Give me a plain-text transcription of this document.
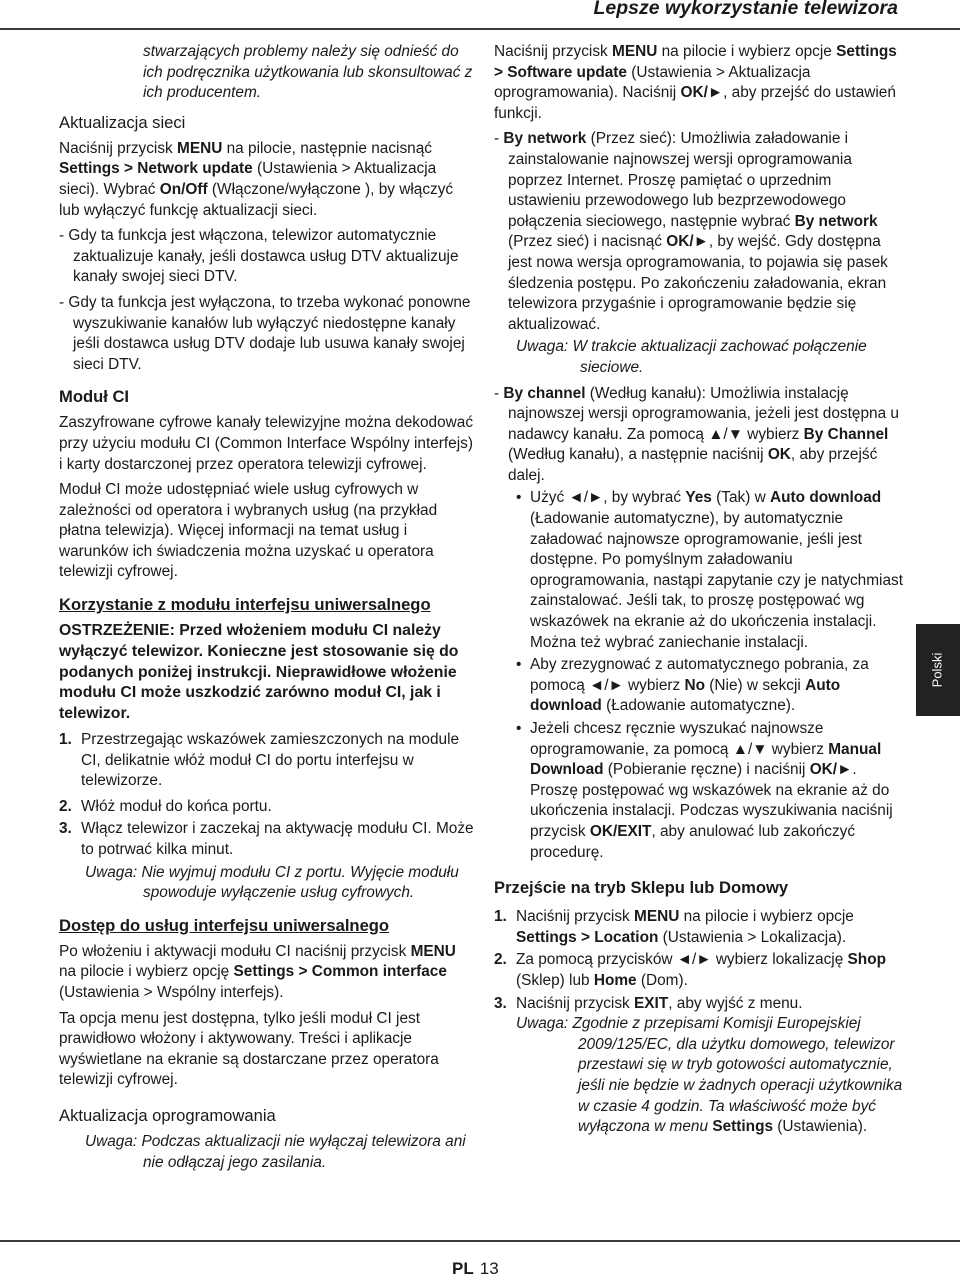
Lepsze wykorzystanie telewizora

stwarzających problemy należy się odnieść do ich podręcznika użytkowania lub skonsultować z ich producentem.

Aktualizacja sieci

Naciśnij przycisk MENU na pilocie, następnie nacisnąć Settings > Network update (Ustawienia > Aktualizacja sieci). Wybrać On/Off (Włączone/wyłączone ), by włączyć lub wyłączyć funkcję aktualizacji sieci.

- Gdy ta funkcja jest włączona, telewizor automatycznie zaktualizuje kanały, jeśli dostawca usług DTV aktualizuje kanały swojej sieci DTV.

- Gdy ta funkcja jest wyłączona, to trzeba wykonać ponowne wyszukiwanie kanałów lub wyłączyć niedostępne kanały jeśli dostawca usług DTV dodaje lub usuwa kanały swojej sieci DTV.

Moduł CI

Zaszyfrowane cyfrowe kanały telewizyjne można dekodować przy użyciu modułu CI (Common Interface Wspólny interfejs) i karty dostarczonej przez operatora telewizji cyfrowej.

Moduł CI może udostępniać wiele usług cyfrowych w zależności od operatora i wybranych usług (na przykład płatna telewizja). Więcej informacji na temat usług i warunków ich świadczenia można uzyskać u operatora telewizji cyfrowej.

Korzystanie z modułu interfejsu uniwersalnego

OSTRZEŻENIE: Przed włożeniem modułu CI należy wyłączyć telewizor. Konieczne jest stosowanie się do podanych poniżej instrukcji. Nieprawidłowe włożenie modułu CI może uszkodzić zarówno moduł CI, jak i telewizor.

1. Przestrzegając wskazówek zamieszczonych na module CI, delikatnie włóż moduł CI do portu interfejsu w telewizorze.

2. Włóż moduł do końca portu.

3. Włącz telewizor i zaczekaj na aktywację modułu CI. Może to potrwać kilka minut.

Uwaga: Nie wyjmuj modułu CI z portu. Wyjęcie modułu spowoduje wyłączenie usług cyfrowych.

Dostęp do usług interfejsu uniwersalnego

Po włożeniu i aktywacji modułu CI naciśnij przycisk MENU na pilocie i wybierz opcję Settings > Common interface (Ustawienia > Wspólny interfejs).

Ta opcja menu jest dostępna, tylko jeśli moduł CI jest prawidłowo włożony i aktywowany. Treści i aplikacje wyświetlane na ekranie są dostarczane przez operatora telewizji cyfrowej.

Aktualizacja oprogramowania

Uwaga: Podczas aktualizacji nie wyłączaj telewizora ani nie odłączaj jego zasilania.

Naciśnij przycisk MENU na pilocie i wybierz opcje Settings > Software update (Ustawienia > Aktualizacja oprogramowania). Naciśnij OK/►, aby przejść do ustawień funkcji.

- By network (Przez sieć): Umożliwia załadowanie i zainstalowanie najnowszej wersji oprogramowania poprzez Internet. Proszę pamiętać o uprzednim ustawieniu przewodowego lub bezprzewodowego połączenia sieciowego, następnie wybrać By network (Przez sieć) i nacisnąć OK/►, by wejść. Gdy dostępna jest nowa wersja oprogramowania, to pojawia się pasek śledzenia postępu. Po zakończeniu załadowania, ekran telewizora przygaśnie i oprogramowanie będzie się aktualizować.

Uwaga: W trakcie aktualizacji zachować połączenie sieciowe.

- By channel (Według kanału): Umożliwia instalację najnowszej wersji oprogramowania, jeżeli jest dostępna u nadawcy kanału. Za pomocą ▲/▼ wybierz By Channel (Według kanału), a następnie naciśnij OK, aby przejść dalej.

• Użyć ◄/►, by wybrać Yes (Tak) w Auto download (Ładowanie automatyczne), by automatycznie załadować najnowsze oprogramowanie, jeśli jest dostępne. Po pomyślnym załadowaniu oprogramowania, nastąpi zapytanie czy je natychmiast zainstalować. Jeśli tak, to proszę postępować wg wskazówek na ekranie aż do ukończenia instalacji. Można też wybrać zaniechanie instalacji.

• Aby zrezygnować z automatycznego pobrania, za pomocą ◄/► wybierz No (Nie) w sekcji Auto download (Ładowanie automatyczne).

• Jeżeli chcesz ręcznie wyszukać najnowsze oprogramowanie, za pomocą ▲/▼ wybierz Manual Download (Pobieranie ręczne) i naciśnij OK/►. Proszę postępować wg wskazówek na ekranie aż do ukończenia instalacji. Podczas wyszukiwania naciśnij przycisk OK/EXIT, aby anulować lub zakończyć procedurę.

Przejście na tryb Sklepu lub Domowy

1. Naciśnij przycisk MENU na pilocie i wybierz opcje Settings > Location (Ustawienia > Lokalizacja).

2. Za pomocą przycisków ◄/► wybierz lokalizację Shop (Sklep) lub Home (Dom).

3. Naciśnij przycisk EXIT, aby wyjść z menu.

Uwaga: Zgodnie z przepisami Komisji Europejskiej 2009/125/EC, dla użytku domowego, telewizor przestawi się w tryb gotowości automatycznie, jeśli nie będzie w żadnych operacji użytkownika w czasie 4 godzin. Ta właściwość może być wyłączona w menu Settings (Ustawienia).

Polski
PL 13
